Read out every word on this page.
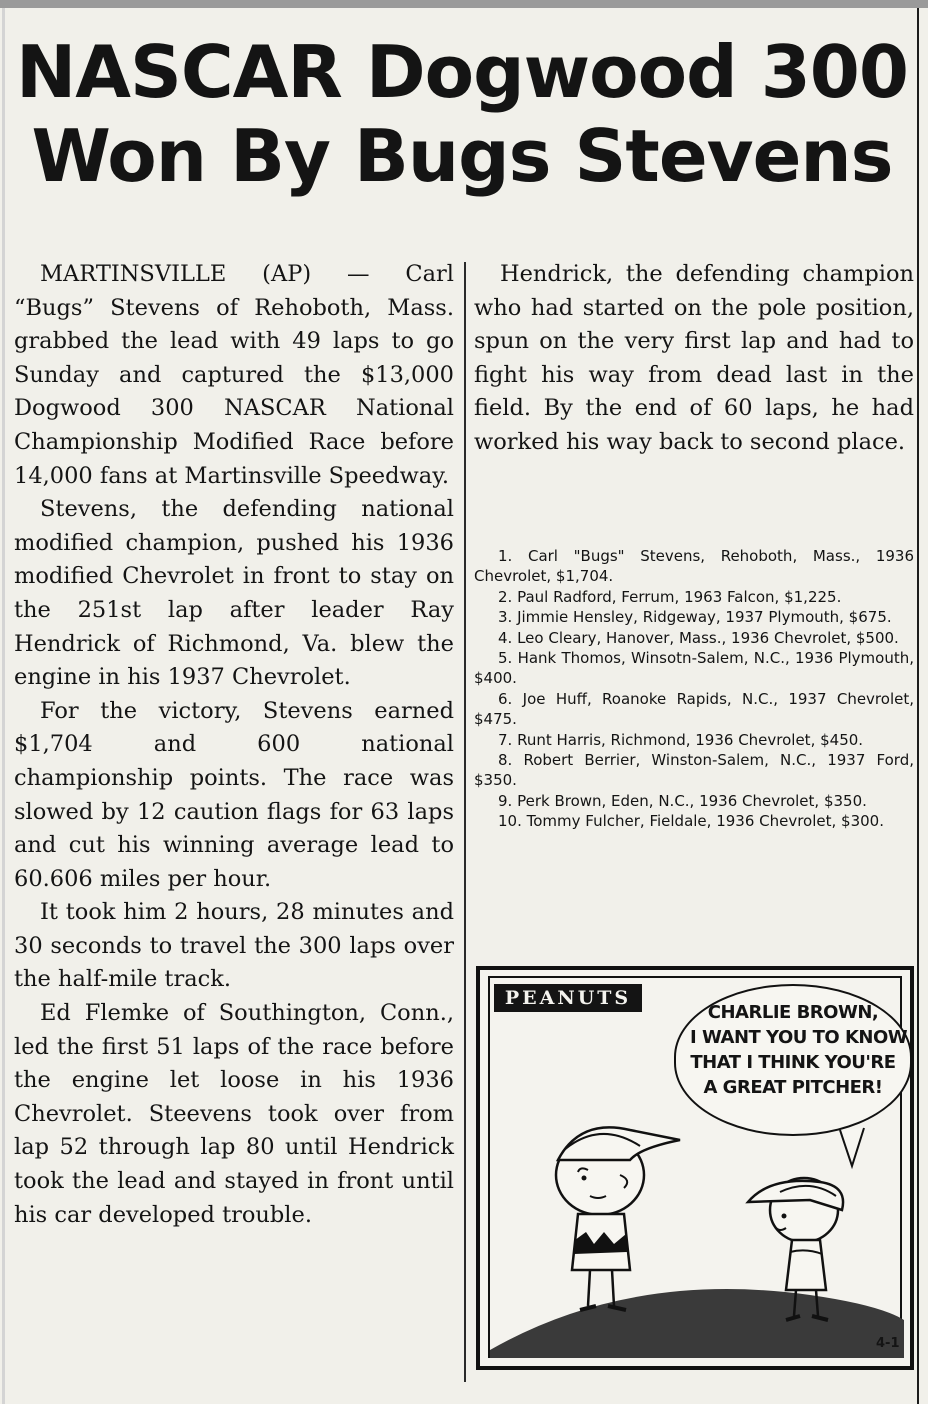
NASCAR Dogwood 300
Won By Bugs Stevens

MARTINSVILLE (AP) — Carl “Bugs” Stevens of Rehoboth, Mass. grabbed the lead with 49 laps to go Sunday and captured the $13,000 Dogwood 300 NASCAR National Championship Modified Race before 14,000 fans at Martinsville Speedway.

Stevens, the defending national modified champion, pushed his 1936 modified Chevrolet in front to stay on the 251st lap after leader Ray Hendrick of Richmond, Va. blew the engine in his 1937 Chevrolet.

For the victory, Stevens earned $1,704 and 600 national championship points. The race was slowed by 12 caution flags for 63 laps and cut his winning average lead to 60.606 miles per hour.

It took him 2 hours, 28 minutes and 30 seconds to travel the 300 laps over the half-mile track.

Ed Flemke of Southington, Conn., led the first 51 laps of the race before the engine let loose in his 1936 Chevrolet. Steevens took over from lap 52 through lap 80 until Hendrick took the lead and stayed in front until his car developed trouble.

Hendrick, the defending champion who had started on the pole position, spun on the very first lap and had to fight his way from dead last in the field. By the end of 60 laps, he had worked his way back to second place.

1. Carl "Bugs" Stevens, Rehoboth, Mass., 1936 Chevrolet, $1,704.
2. Paul Radford, Ferrum, 1963 Falcon, $1,225.
3. Jimmie Hensley, Ridgeway, 1937 Plymouth, $675.
4. Leo Cleary, Hanover, Mass., 1936 Chevrolet, $500.
5. Hank Thomos, Winsotn-Salem, N.C., 1936 Plymouth, $400.
6. Joe Huff, Roanoke Rapids, N.C., 1937 Chevrolet, $475.
7. Runt Harris, Richmond, 1936 Chevrolet, $450.
8. Robert Berrier, Winston-Salem, N.C., 1937 Ford, $350.
9. Perk Brown, Eden, N.C., 1936 Chevrolet, $350.
10. Tommy Fulcher, Fieldale, 1936 Chevrolet, $300.
PEANUTS
CHARLIE BROWN,
I WANT YOU TO KNOW
THAT I THINK YOU'RE
A GREAT PITCHER!
4-1
